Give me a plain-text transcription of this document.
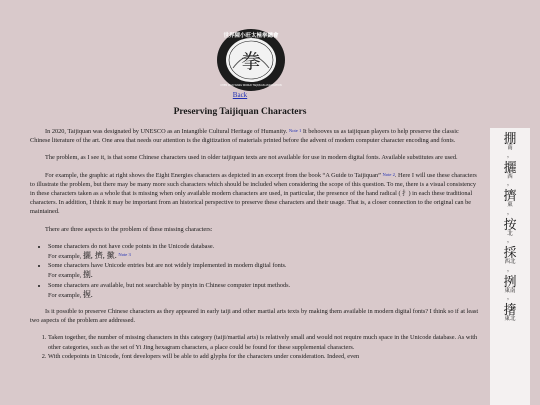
世界陳小旺太極拳總會
CHEN XIAO WANG WORLD TAIJIQUAN ASSOCIATION
拳
Back
Preserving Taijiquan Characters

In 2020, Taijiquan was designated by UNESCO as an Intangible Cultural Heritage of Humanity. $^{Note 1}$ It behooves us as taijiquan players to help preserve the classic Chinese literature of the art. One area that needs our attention is the digitization of materials printed before the advent of modern computer character encoding and fonts.

The problem, as I see it, is that some Chinese characters used in older taijiquan texts are not available for use in modern digital fonts. Available substitutes are used.

For example, the graphic at right shows the Eight Energies characters as depicted in an excerpt from the book “A Guide to Taijiquan” $^{Note 2}$. Here I will use these characters to illustrate the problem, but there may be many more such characters which should be included when considering the scope of this question. To me, there is a visual consistency in these characters taken as a whole that is missing when only available modern characters are used, in particular, the presence of the hand radical ( 扌) in each these traditional characters. In addition, I think it may be important from an historical perspective to preserve these characters and their usage. That is, a closer connection to the original can be maintained.

There are three aspects to the problem of these missing characters:

• Some characters do not have code points in the Unicode database.
For example, 攦, 擠, 擹. $^{Note 3}$
• Some characters have Unicode entries but are not widely implemented in modern digital fonts.
For example, 捌.
• Some characters are available, but not searchable by pinyin in Chinese computer input methods.
For example, 握.

Is it possible to preserve Chinese characters as they appeared in early taiji and other martial arts texts by making them available in modern digital fonts? I think so if at least two aspects of the problem are addressed.

1. Taken together, the number of missing characters in this category (taiji/martial arts) is relatively small and would not require much space in the Unicode database. As with other categories, such as the set of Yi Jing hexagram characters, a place could be found for these supplemental characters.
2. With codepoints in Unicode, font developers will be able to add glyphs for the characters under consideration. Indeed, even
掤
南
，
攦
西
，
擠
東
，
按
北
，
採
西北
，
挒
東南
，
撦
東北
